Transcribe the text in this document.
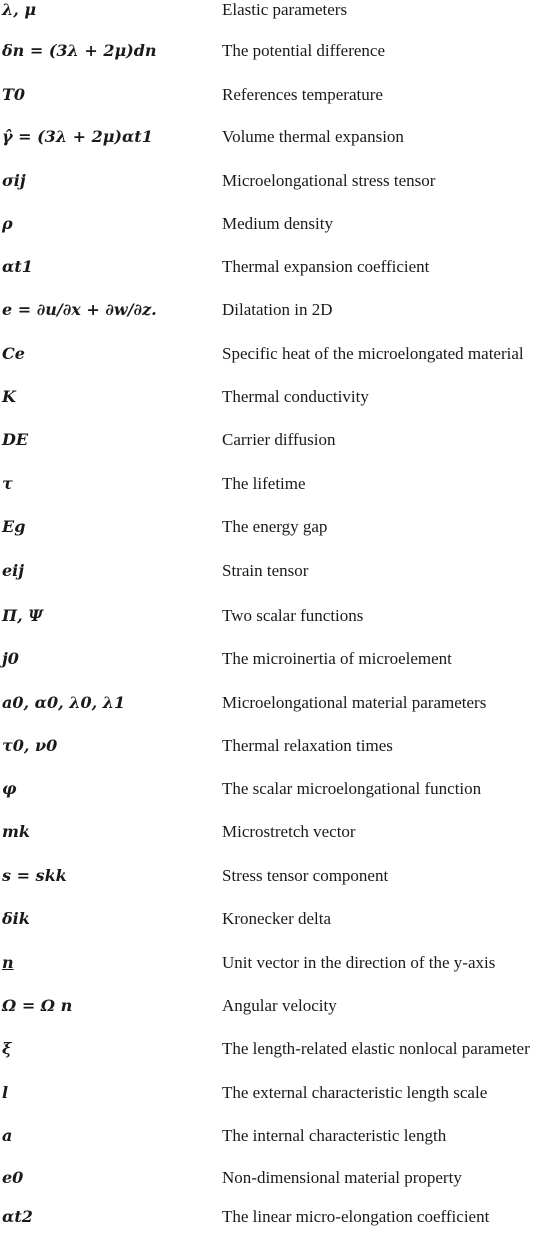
λ, μ	Elastic parameters
δn = (3λ + 2μ)dn	The potential difference
T0	References temperature
γ̂ = (3λ + 2μ)αt1	Volume thermal expansion
σij	Microelongational stress tensor
ρ	Medium density
αt1	Thermal expansion coefficient
e = ∂u/∂x + ∂w/∂z.	Dilatation in 2D
Ce	Specific heat of the microelongated material
K	Thermal conductivity
DE	Carrier diffusion
τ	The lifetime
Eg	The energy gap
eij	Strain tensor
Π, Ψ	Two scalar functions
j0	The microinertia of microelement
a0, α0, λ0, λ1	Microelongational material parameters
τ0, ν0	Thermal relaxation times
φ	The scalar microelongational function
mk	Microstretch vector
s = skk	Stress tensor component
δik	Kronecker delta
n	Unit vector in the direction of the y-axis
Ω = Ω n	Angular velocity
ξ	The length-related elastic nonlocal parameter
l	The external characteristic length scale
a	The internal characteristic length
e0	Non-dimensional material property
αt2	The linear micro-elongation coefficient
